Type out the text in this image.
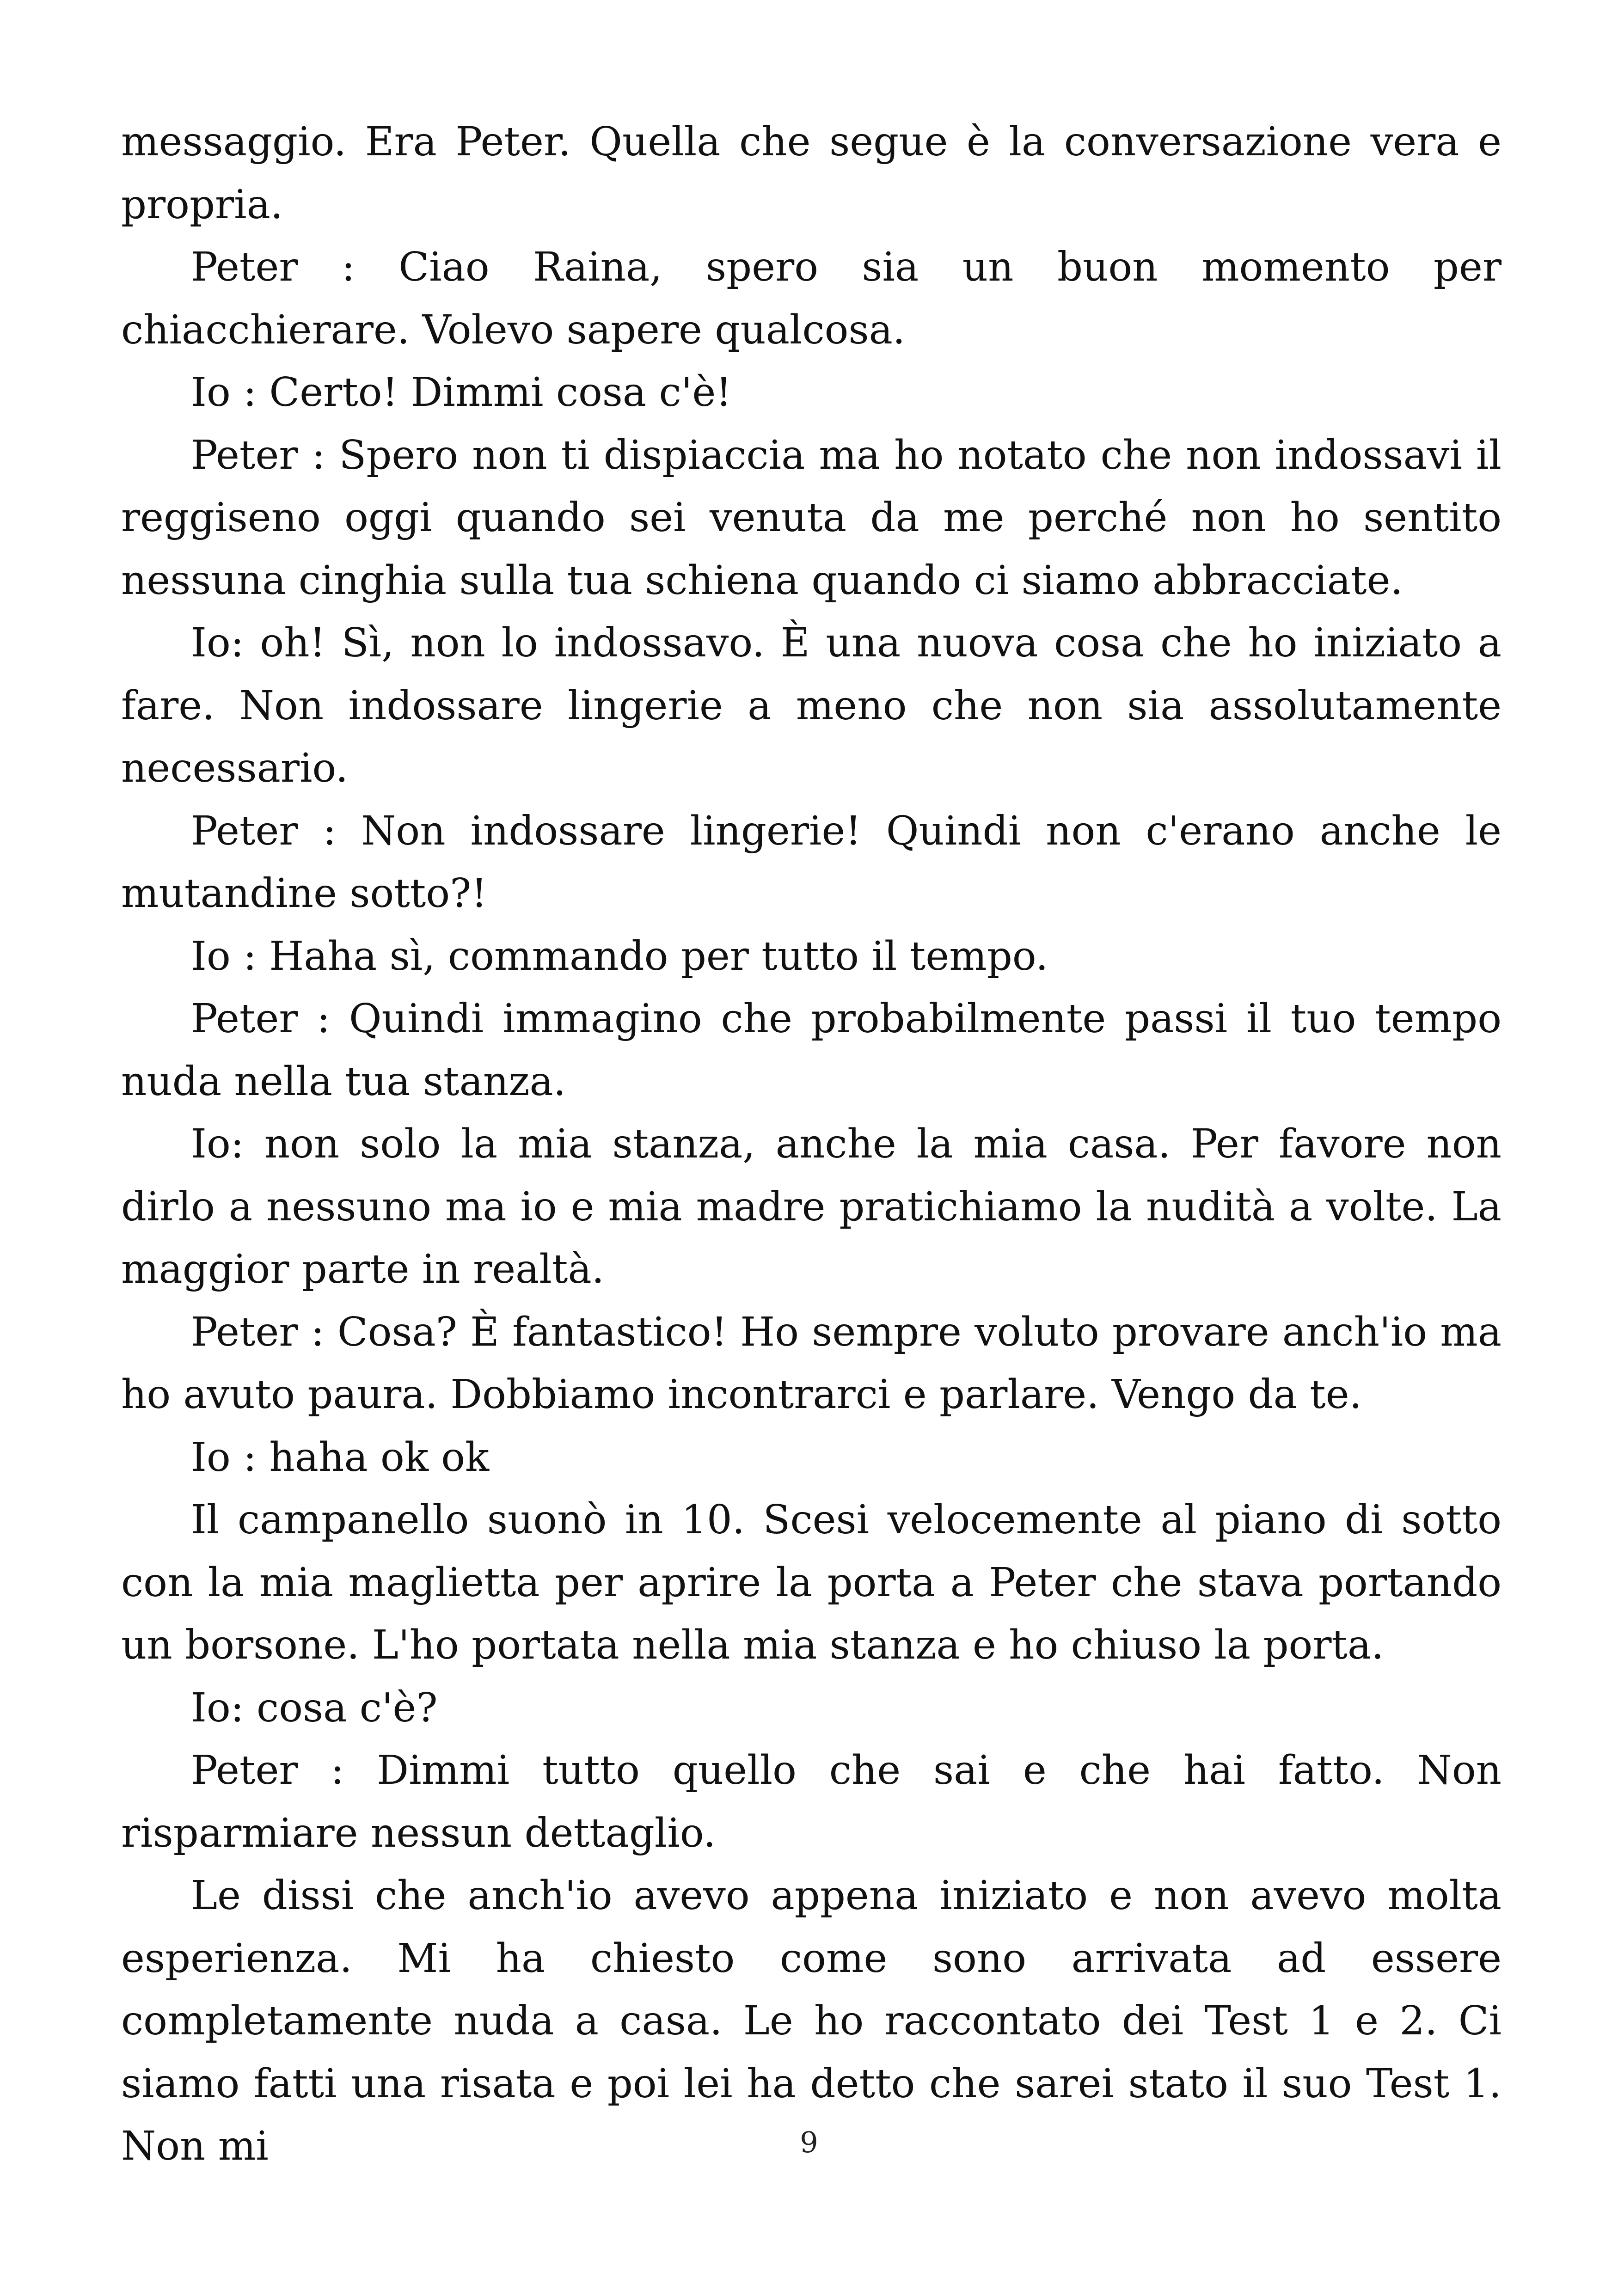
messaggio. Era Peter. Quella che segue è la conversazione vera e propria.

Peter : Ciao Raina, spero sia un buon momento per chiacchierare. Volevo sapere qualcosa.

Io : Certo! Dimmi cosa c'è!

Peter : Spero non ti dispiaccia ma ho notato che non indossavi il reggiseno oggi quando sei venuta da me perché non ho sentito nessuna cinghia sulla tua schiena quando ci siamo abbracciate.

Io: oh! Sì, non lo indossavo. È una nuova cosa che ho iniziato a fare. Non indossare lingerie a meno che non sia assolutamente necessario.

Peter : Non indossare lingerie! Quindi non c'erano anche le mutandine sotto?!

Io : Haha sì, commando per tutto il tempo.

Peter : Quindi immagino che probabilmente passi il tuo tempo nuda nella tua stanza.

Io: non solo la mia stanza, anche la mia casa. Per favore non dirlo a nessuno ma io e mia madre pratichiamo la nudità a volte. La maggior parte in realtà.

Peter : Cosa? È fantastico! Ho sempre voluto provare anch'io ma ho avuto paura. Dobbiamo incontrarci e parlare. Vengo da te.

Io : haha ok ok

Il campanello suonò in 10. Scesi velocemente al piano di sotto con la mia maglietta per aprire la porta a Peter che stava portando un borsone. L'ho portata nella mia stanza e ho chiuso la porta.

Io: cosa c'è?

Peter : Dimmi tutto quello che sai e che hai fatto. Non risparmiare nessun dettaglio.

Le dissi che anch'io avevo appena iniziato e non avevo molta esperienza. Mi ha chiesto come sono arrivata ad essere completamente nuda a casa. Le ho raccontato dei Test 1 e 2. Ci siamo fatti una risata e poi lei ha detto che sarei stato il suo Test 1. Non mi	9
